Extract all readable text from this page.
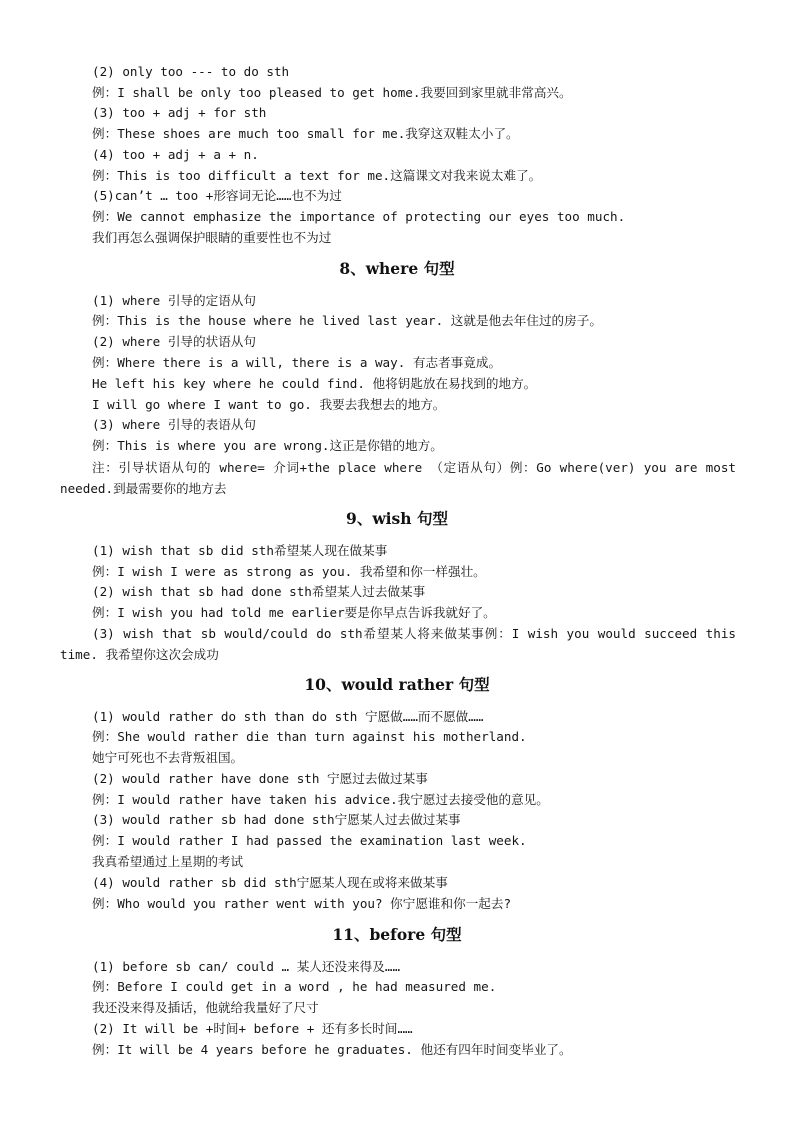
(2) only too --- to do sth
例：I shall be only too pleased to get home.我要回到家里就非常高兴。
(3) too + adj + for sth
例：These shoes are much too small for me.我穿这双鞋太小了。
(4) too + adj + a + n.
例：This is too difficult a text for me.这篇课文对我来说太难了。
(5)can’t … too +形容词无论……也不为过
例：We cannot emphasize the importance of protecting our eyes too much.
我们再怎么强调保护眼睛的重要性也不为过
8、where 句型
(1) where 引导的定语从句
例：This is the house where he lived last year. 这就是他去年住过的房子。
(2) where 引导的状语从句
例：Where there is a will, there is a way. 有志者事竟成。
He left his key where he could find. 他将钥匙放在易找到的地方。
I will go where I want to go. 我要去我想去的地方。
(3) where 引导的表语从句
例：This is where you are wrong.这正是你错的地方。
注：引导状语从句的 where= 介词+the place where （定语从句）例：Go where(ver) you are most needed.到最需要你的地方去
9、wish 句型
(1) wish that sb did sth希望某人现在做某事
例：I wish I were as strong as you. 我希望和你一样强壮。
(2) wish that sb had done sth希望某人过去做某事
例：I wish you had told me earlier要是你早点告诉我就好了。
(3) wish that sb would/could do sth希望某人将来做某事例：I wish you would succeed this time. 我希望你这次会成功
10、would rather 句型
(1) would rather do sth than do sth 宁愿做……而不愿做……
例：She would rather die than turn against his motherland.
她宁可死也不去背叛祖国。
(2) would rather have done sth 宁愿过去做过某事
例：I would rather have taken his advice.我宁愿过去接受他的意见。
(3) would rather sb had done sth宁愿某人过去做过某事
例：I would rather I had passed the examination last week.
我真希望通过上星期的考试
(4) would rather sb did sth宁愿某人现在或将来做某事
例：Who would you rather went with you? 你宁愿谁和你一起去?
11、before 句型
(1) before sb can/ could … 某人还没来得及……
例：Before I could get in a word , he had measured me.
我还没来得及插话，他就给我量好了尺寸
(2) It will be +时间+ before + 还有多长时间……
例：It will be 4 years before he graduates. 他还有四年时间变毕业了。
